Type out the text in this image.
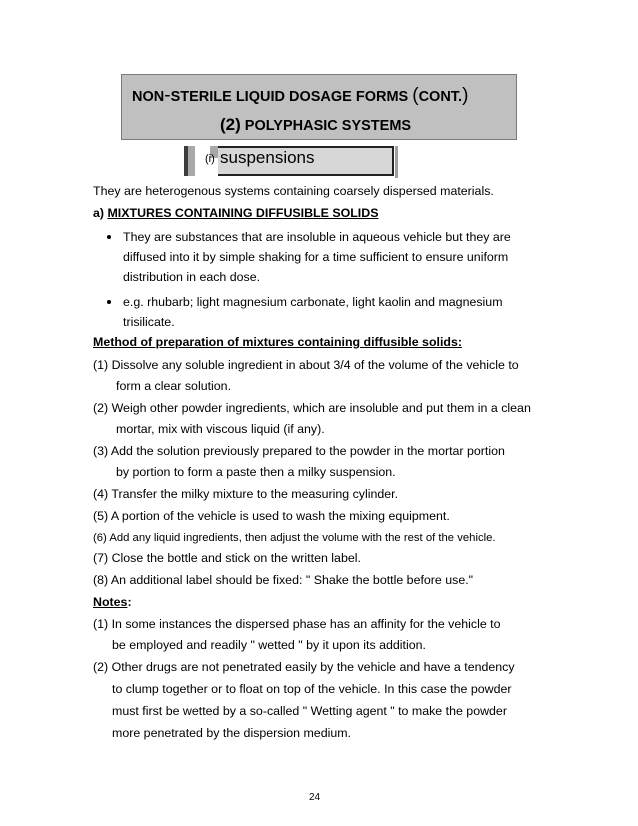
NON-STERILE LIQUID DOSAGE FORMS (CONT.)
(2) POLYPHASIC SYSTEMS
(i) suspensions
They are heterogenous systems containing coarsely dispersed materials.
a) MIXTURES CONTAINING DIFFUSIBLE SOLIDS
They are substances that are insoluble in aqueous vehicle but they are
diffused into it by simple shaking for a time sufficient to ensure uniform
distribution in each dose.
e.g. rhubarb; light magnesium carbonate, light kaolin and magnesium
trisilicate.
Method of preparation of mixtures containing diffusible solids:
(1) Dissolve any soluble ingredient in about 3/4 of the volume of the vehicle to
form a clear solution.
(2) Weigh other powder ingredients, which are insoluble and put them in a clean
mortar, mix with viscous liquid (if any).
(3) Add the solution previously prepared to the powder in the mortar portion
by portion to form a paste then a milky suspension.
(4) Transfer the milky mixture to the measuring cylinder.
(5) A portion of the vehicle is used to wash the mixing equipment.
(6) Add any liquid ingredients, then adjust the volume with the rest of the vehicle.
(7) Close the bottle and stick on the written label.
(8) An additional label should be fixed: " Shake the bottle before use."
Notes:
(1) In some instances the dispersed phase has an affinity for the vehicle to
be employed and readily " wetted " by it upon its addition.
(2) Other drugs are not penetrated easily by the vehicle and have a tendency
to clump together or to float on top of the vehicle. In this case the powder
must first be wetted by a so-called " Wetting agent " to make the powder
more penetrated by the dispersion medium.
24
